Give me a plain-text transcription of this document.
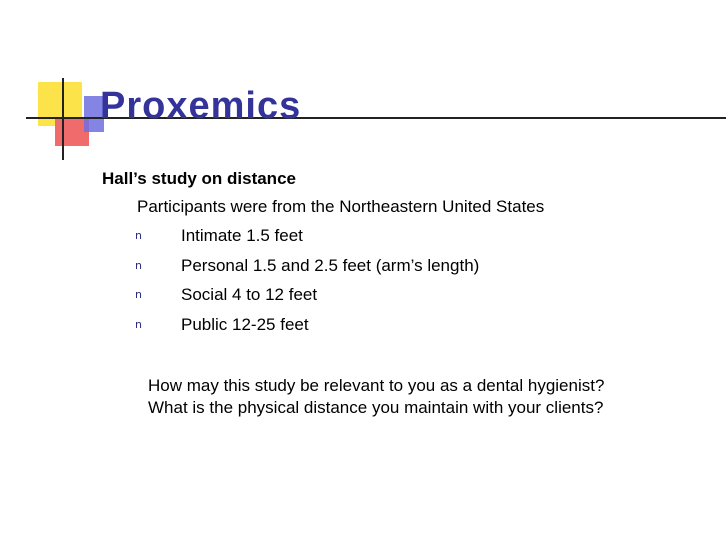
Proxemics
Hall’s study on distance
Participants were from the Northeastern United States
n Intimate 1.5 feet
n Personal 1.5 and 2.5 feet (arm’s length)
n Social 4 to 12 feet
n Public 12-25 feet
How may this study be relevant to you as a dental hygienist?
What is the physical distance you maintain with your clients?
